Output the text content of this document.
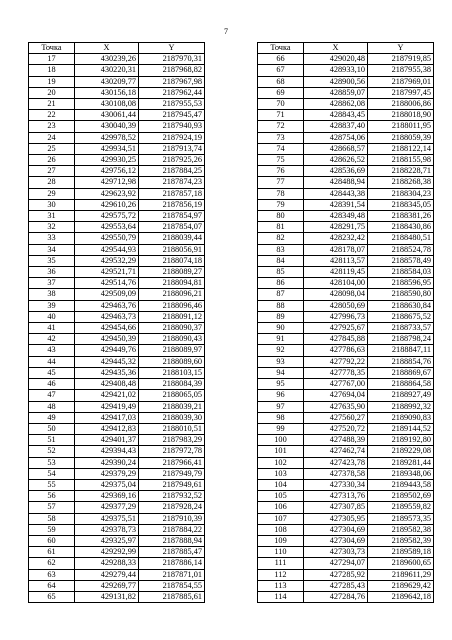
7
Точка	X	Y
17	430239,26	2187970,31
18	430220,31	2187968,82
19	430209,77	2187967,98
20	430156,18	2187962,44
21	430108,08	2187955,53
22	430061,44	2187945,47
23	430040,39	2187940,93
24	429978,52	2187924,19
25	429934,51	2187913,74
26	429930,25	2187925,26
27	429756,12	2187884,25
28	429712,98	2187874,23
29	429623,92	2187857,18
30	429610,26	2187856,19
31	429575,72	2187854,97
32	429553,64	2187854,07
33	429550,79	2188039,44
34	429544,93	2188056,91
35	429532,29	2188074,18
36	429521,71	2188089,27
37	429514,76	2188094,81
38	429509,09	2188096,21
39	429463,76	2188096,46
40	429463,73	2188091,12
41	429454,66	2188090,37
42	429450,39	2188090,43
43	429449,76	2188089,97
44	429445,32	2188089,60
45	429435,36	2188103,15
46	429408,48	2188084,39
47	429421,02	2188065,05
48	429419,49	2188039,21
49	429417,03	2188039,30
50	429412,83	2188010,51
51	429401,37	2187983,29
52	429394,43	2187972,78
53	429390,24	2187966,41
54	429379,29	2187949,79
55	429375,04	2187949,61
56	429369,16	2187932,52
57	429377,29	2187928,24
58	429375,51	2187910,39
59	429378,73	2187884,22
60	429325,97	2187888,94
61	429292,99	2187885,47
62	429288,33	2187886,14
63	429279,44	2187871,01
64	429269,77	2187854,55
65	429131,82	2187885,61
Точка	X	Y
66	429020,48	2187919,85
67	428933,10	2187955,38
68	428900,56	2187969,01
69	428859,07	2187997,45
70	428862,08	2188006,86
71	428843,45	2188018,90
72	428837,40	2188011,95
73	428754,06	2188059,39
74	428668,57	2188122,14
75	428626,52	2188155,98
76	428536,69	2188228,71
77	428488,94	2188268,38
78	428443,38	2188304,23
79	428391,54	2188345,05
80	428349,48	2188381,26
81	428291,75	2188430,86
82	428232,42	2188480,51
83	428178,07	2188524,78
84	428113,57	2188578,49
85	428119,45	2188584,03
86	428104,00	2188596,95
87	428098,04	2188590,80
88	428050,69	2188630,84
89	427996,73	2188675,52
90	427925,67	2188733,57
91	427845,88	2188798,24
92	427786,63	2188847,11
93	427792,22	2188854,76
94	427778,35	2188869,67
95	427767,00	2188864,58
96	427694,04	2188927,49
97	427635,90	2188992,32
98	427560,27	2189090,83
99	427520,72	2189144,52
100	427488,39	2189192,80
101	427462,74	2189229,08
102	427423,78	2189281,44
103	427378,58	2189348,06
104	427330,34	2189443,58
105	427313,76	2189502,69
106	427307,85	2189559,82
107	427305,95	2189573,35
108	427304,69	2189582,38
109	427304,69	2189582,39
110	427303,73	2189589,18
111	427294,07	2189600,65
112	427285,92	2189611,29
113	427285,43	2189629,42
114	427284,76	2189642,18
